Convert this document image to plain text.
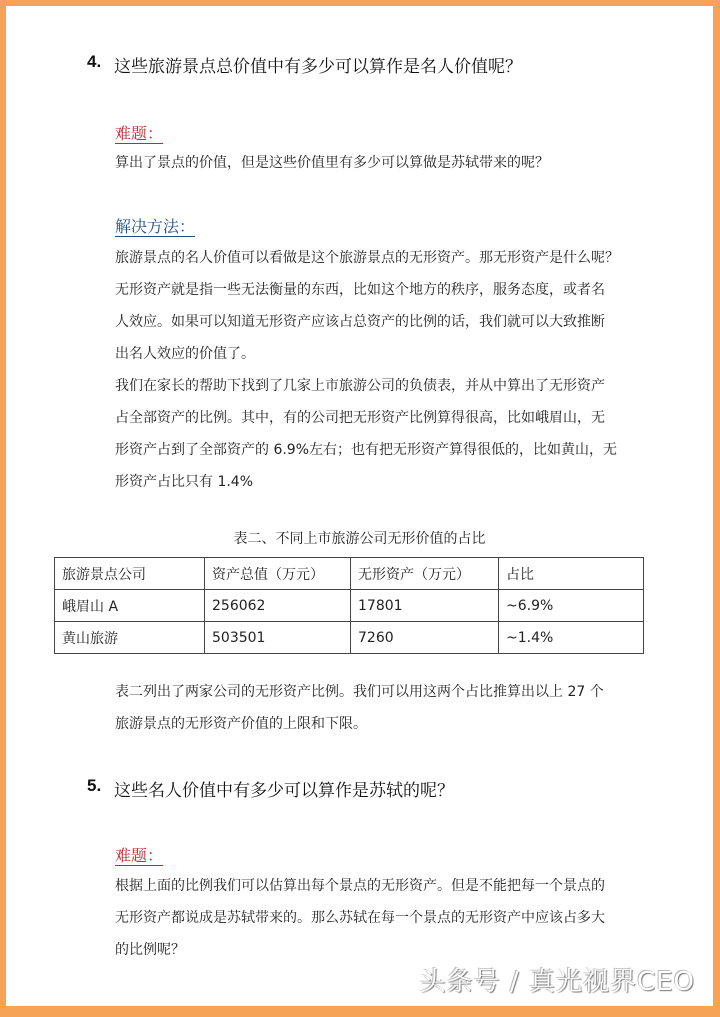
4. 这些旅游景点总价值中有多少可以算作是名人价值呢？
难题：
算出了景点的价值，但是这些价值里有多少可以算做是苏轼带来的呢？
解决方法：
旅游景点的名人价值可以看做是这个旅游景点的无形资产。那无形资产是什么呢？
无形资产就是指一些无法衡量的东西，比如这个地方的秩序，服务态度，或者名
人效应。如果可以知道无形资产应该占总资产的比例的话，我们就可以大致推断
出名人效应的价值了。
我们在家长的帮助下找到了几家上市旅游公司的负债表，并从中算出了无形资产
占全部资产的比例。其中，有的公司把无形资产比例算得很高，比如峨眉山，无
形资产占到了全部资产的 6.9%左右；也有把无形资产算得很低的，比如黄山，无
形资产占比只有 1.4%
表二、不同上市旅游公司无形价值的占比
旅游景点公司	资产总值（万元）	无形资产（万元）	占比
峨眉山 A	256062	17801	~6.9%
黄山旅游	503501	7260	~1.4%
表二列出了两家公司的无形资产比例。我们可以用这两个占比推算出以上 27 个
旅游景点的无形资产价值的上限和下限。
5. 这些名人价值中有多少可以算作是苏轼的呢？
难题：
根据上面的比例我们可以估算出每个景点的无形资产。但是不能把每一个景点的
无形资产都说成是苏轼带来的。那么苏轼在每一个景点的无形资产中应该占多大
的比例呢？
头条号 / 真光视界CEO
